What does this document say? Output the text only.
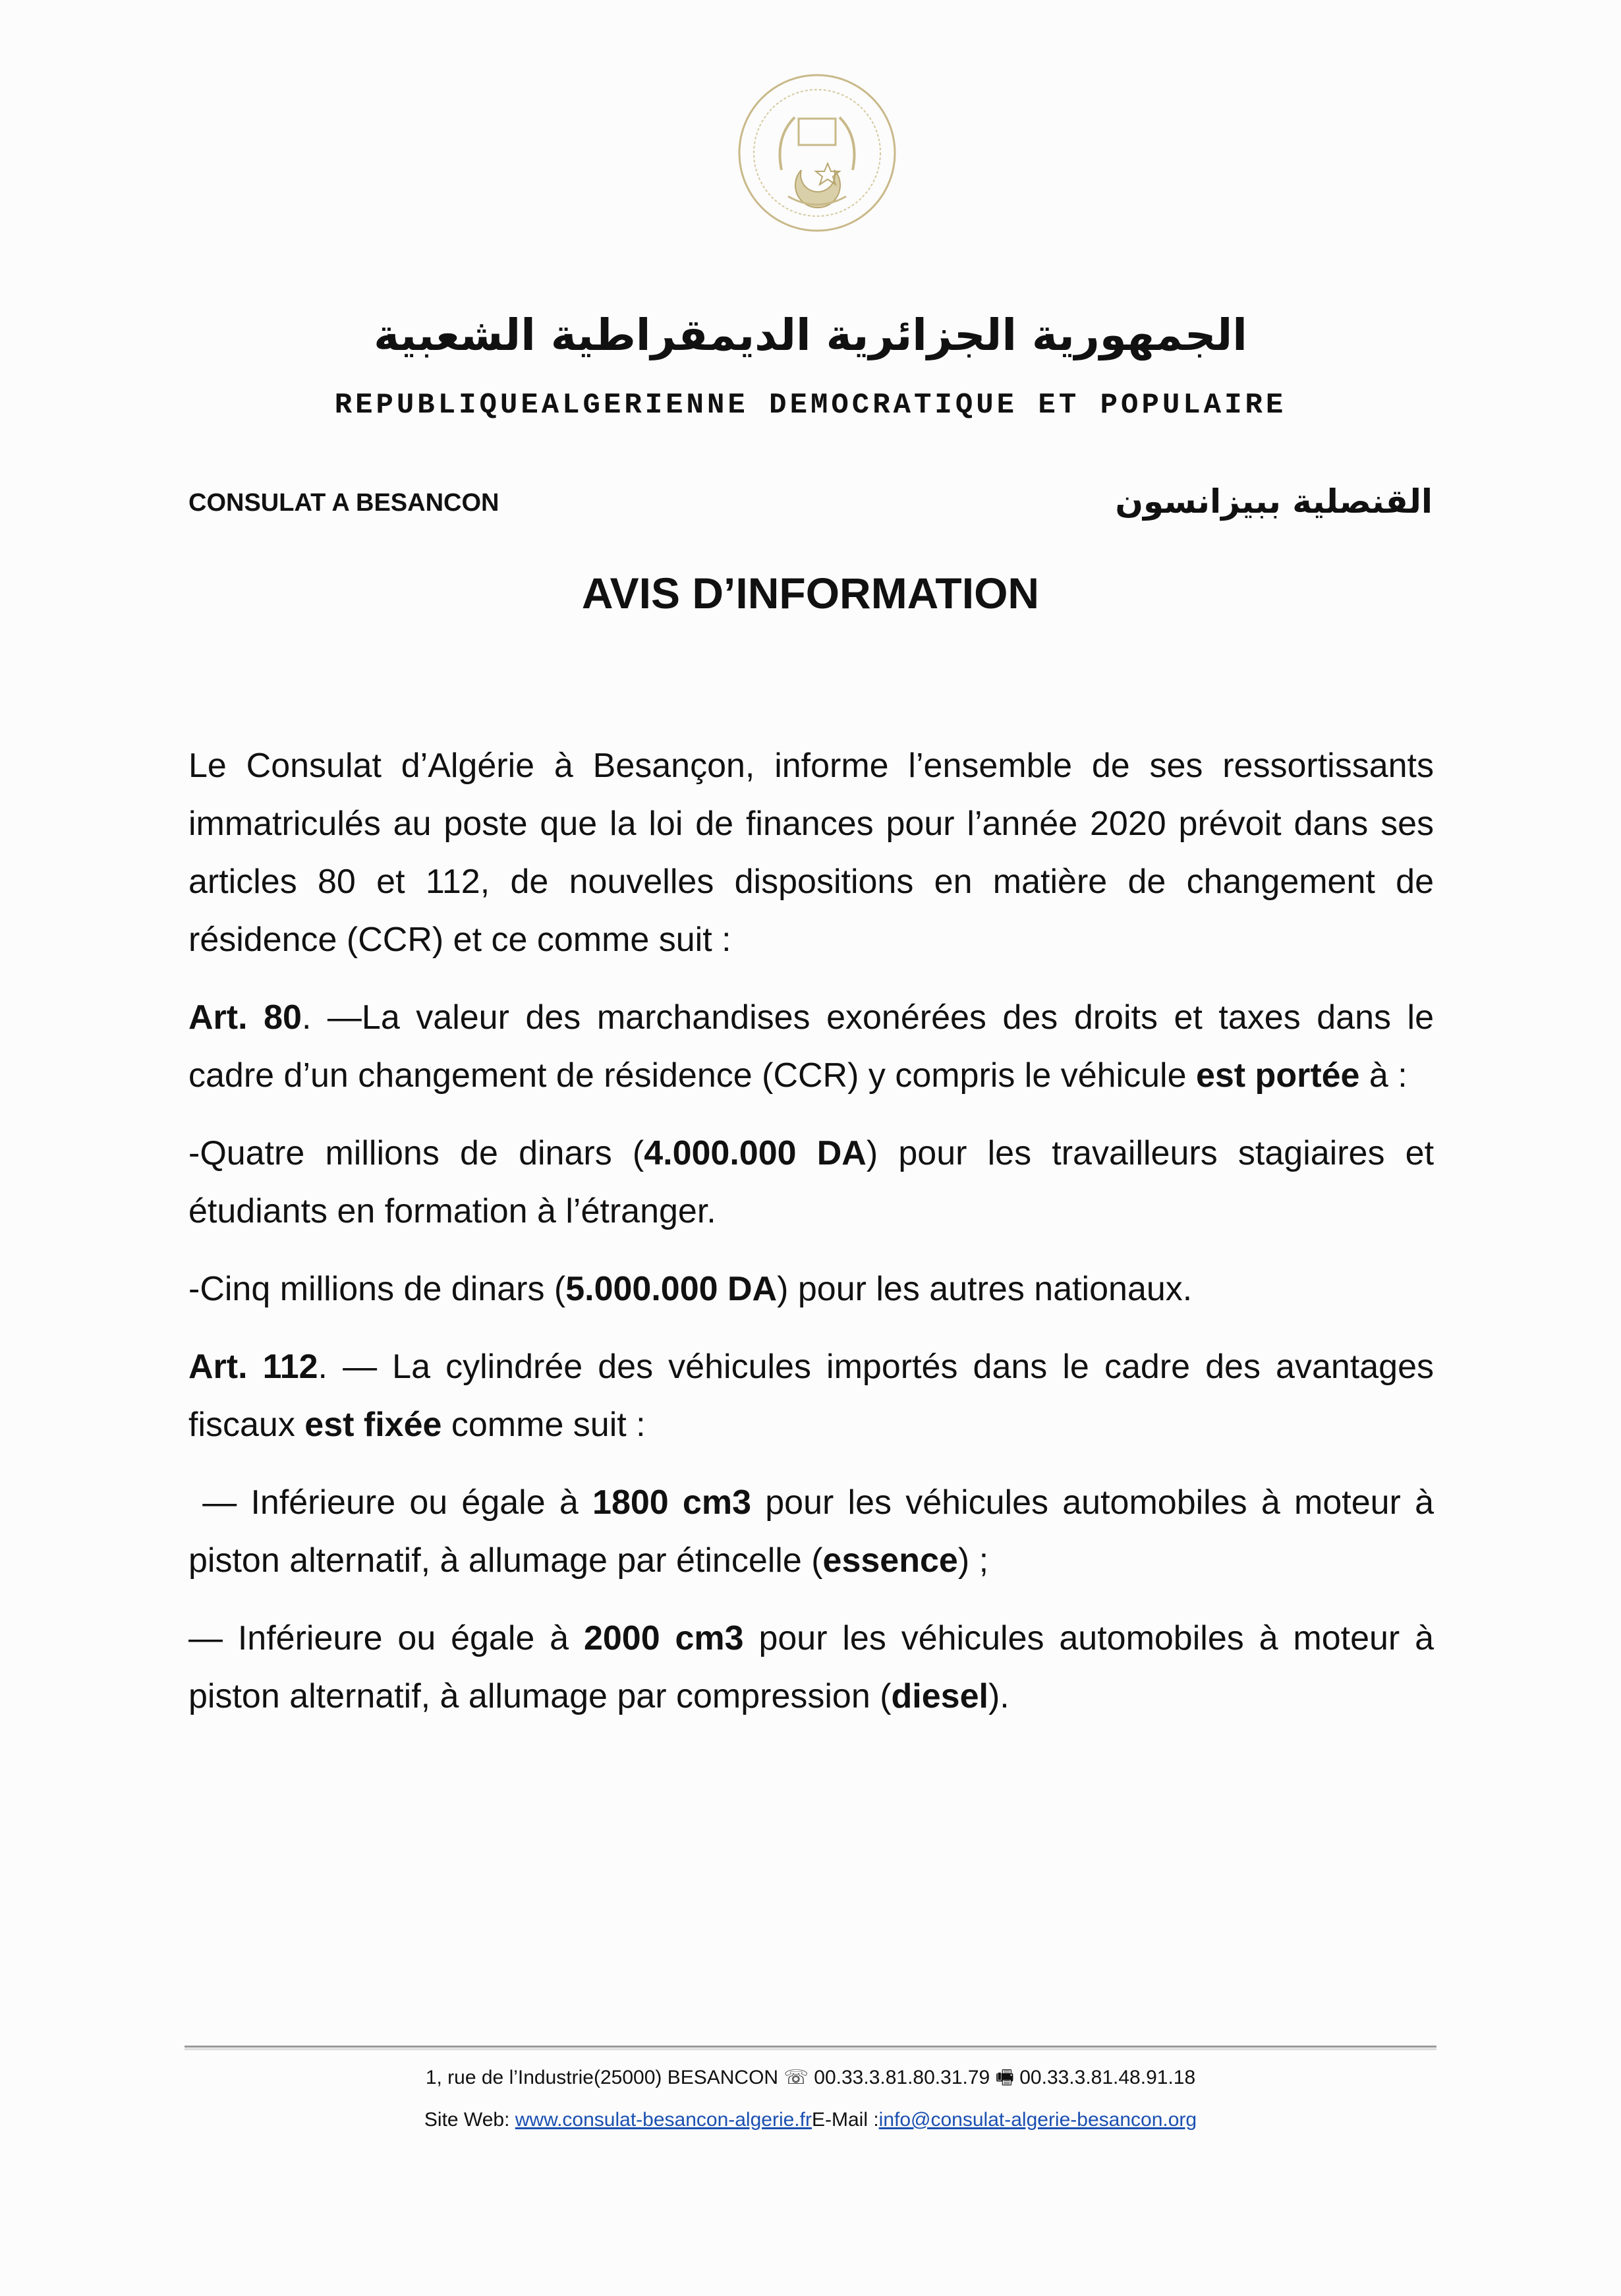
الجمهورية الجزائرية الديمقراطية الشعبية
REPUBLIQUEALGERIENNE DEMOCRATIQUE ET POPULAIRE
CONSULAT A BESANCON	القنصلية ببيزانسون
AVIS D’INFORMATION

Le Consulat d’Algérie à Besançon, informe l’ensemble de ses ressortissants immatriculés au poste que la loi de finances pour l’année 2020 prévoit dans ses articles 80 et 112, de nouvelles dispositions en matière de changement de résidence (CCR) et ce comme suit :

Art. 80. —La valeur des marchandises exonérées des droits et taxes dans le cadre d’un changement de résidence (CCR) y compris le véhicule est portée à :

-Quatre millions de dinars (4.000.000 DA) pour les travailleurs stagiaires et étudiants en formation à l’étranger.

-Cinq millions de dinars (5.000.000 DA) pour les autres nationaux.

Art. 112. — La cylindrée des véhicules importés dans le cadre des avantages fiscaux est fixée comme suit :

— Inférieure ou égale à 1800 cm3 pour les véhicules automobiles à moteur à piston alternatif, à allumage par étincelle (essence) ;

— Inférieure ou égale à 2000 cm3 pour les véhicules automobiles à moteur à piston alternatif, à allumage par compression (diesel).

1, rue de l’Industrie(25000) BESANCON ☏ 00.33.3.81.80.31.79 🖷 00.33.3.81.48.91.18
Site Web: www.consulat-besancon-algerie.frE-Mail :info@consulat-algerie-besancon.org
